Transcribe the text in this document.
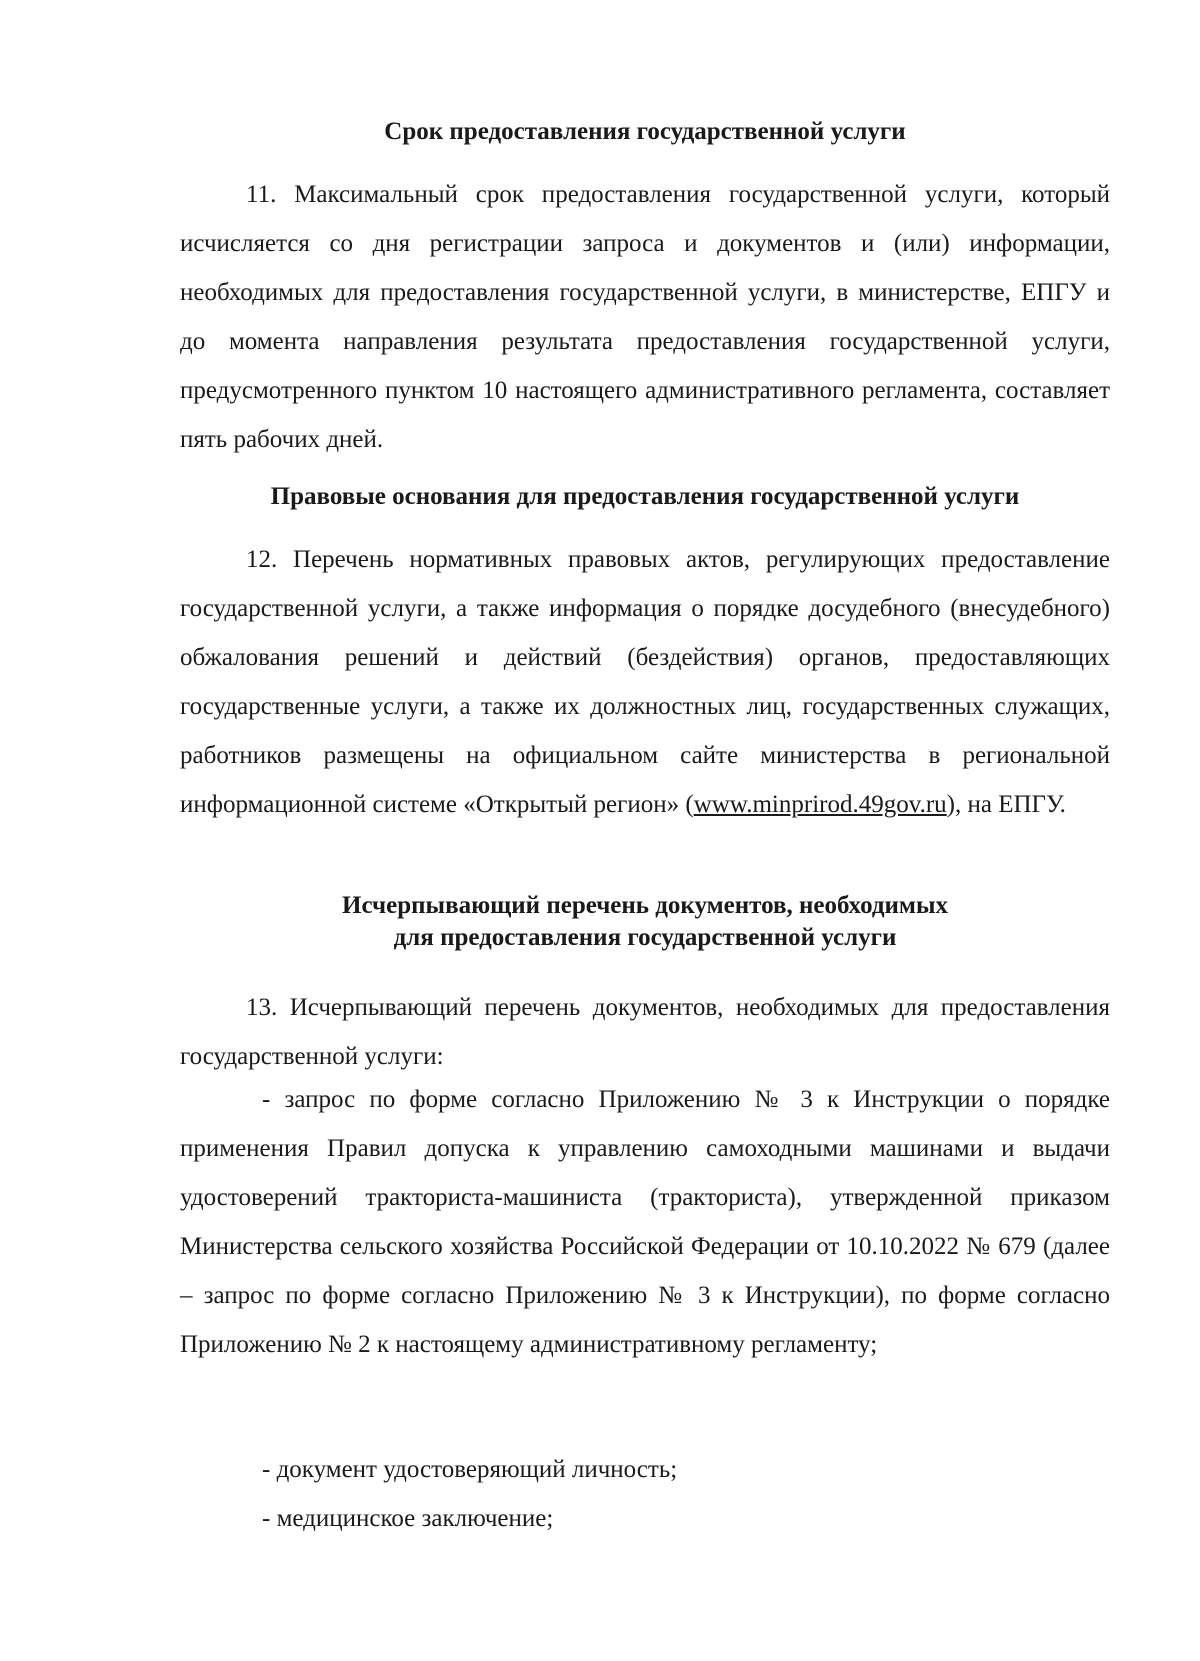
Срок предоставления государственной услуги

11. Максимальный срок предоставления государственной услуги, который исчисляется со дня регистрации запроса и документов и (или) информации, необходимых для предоставления государственной услуги, в министерстве, ЕПГУ и до момента направления результата предоставления государственной услуги, предусмотренного пунктом 10 настоящего административного регламента, составляет пять рабочих дней.

Правовые основания для предоставления государственной услуги

12. Перечень нормативных правовых актов, регулирующих предоставление государственной услуги, а также информация о порядке досудебного (внесудебного) обжалования решений и действий (бездействия) органов, предоставляющих государственные услуги, а также их должностных лиц, государственных служащих, работников размещены на официальном сайте министерства в региональной информационной системе «Открытый регион» (www.minprirod.49gov.ru), на ЕПГУ.

Исчерпывающий перечень документов, необходимых
для предоставления государственной услуги

13. Исчерпывающий перечень документов, необходимых для предоставления государственной услуги:

- запрос по форме согласно Приложению № 3 к Инструкции о порядке применения Правил допуска к управлению самоходными машинами и выдачи удостоверений тракториста-машиниста (тракториста), утвержденной приказом Министерства сельского хозяйства Российской Федерации от 10.10.2022 № 679 (далее – запрос по форме согласно Приложению № 3 к Инструкции), по форме согласно Приложению № 2 к настоящему административному регламенту;

- документ удостоверяющий личность;

- медицинское заключение;
